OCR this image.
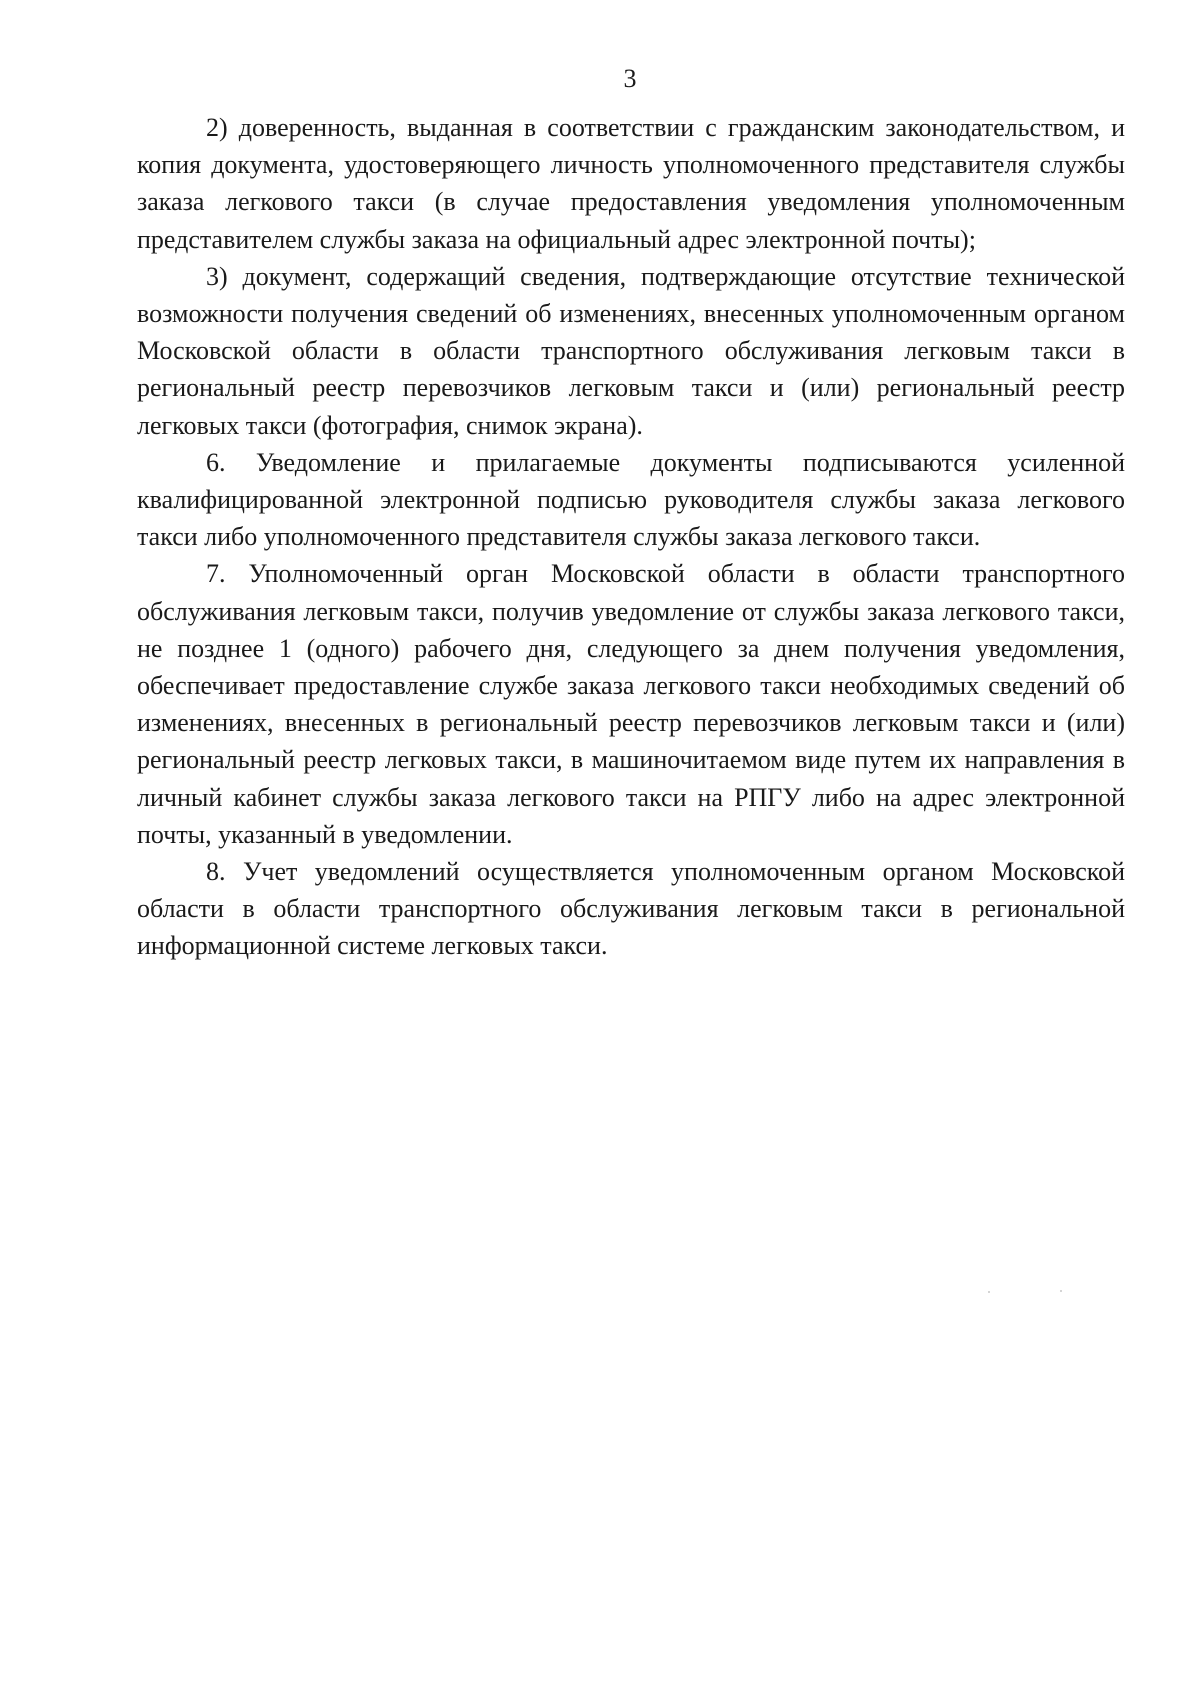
3

2) доверенность, выданная в соответствии с гражданским законодательством, и копия документа, удостоверяющего личность уполномоченного представителя службы заказа легкового такси (в случае предоставления уведомления уполномоченным представителем службы заказа на официальный адрес электронной почты);

3) документ, содержащий сведения, подтверждающие отсутствие технической возможности получения сведений об изменениях, внесенных уполномоченным органом Московской области в области транспортного обслуживания легковым такси в региональный реестр перевозчиков легковым такси и (или) региональный реестр легковых такси (фотография, снимок экрана).

6. Уведомление и прилагаемые документы подписываются усиленной квалифицированной электронной подписью руководителя службы заказа легкового такси либо уполномоченного представителя службы заказа легкового такси.

7. Уполномоченный орган Московской области в области транспортного обслуживания легковым такси, получив уведомление от службы заказа легкового такси, не позднее 1 (одного) рабочего дня, следующего за днем получения уведомления, обеспечивает предоставление службе заказа легкового такси необходимых сведений об изменениях, внесенных в региональный реестр перевозчиков легковым такси и (или) региональный реестр легковых такси, в машиночитаемом виде путем их направления в личный кабинет службы заказа легкового такси на РПГУ либо на адрес электронной почты, указанный в уведомлении.

8. Учет уведомлений осуществляется уполномоченным органом Московской области в области транспортного обслуживания легковым такси в региональной информационной системе легковых такси.
